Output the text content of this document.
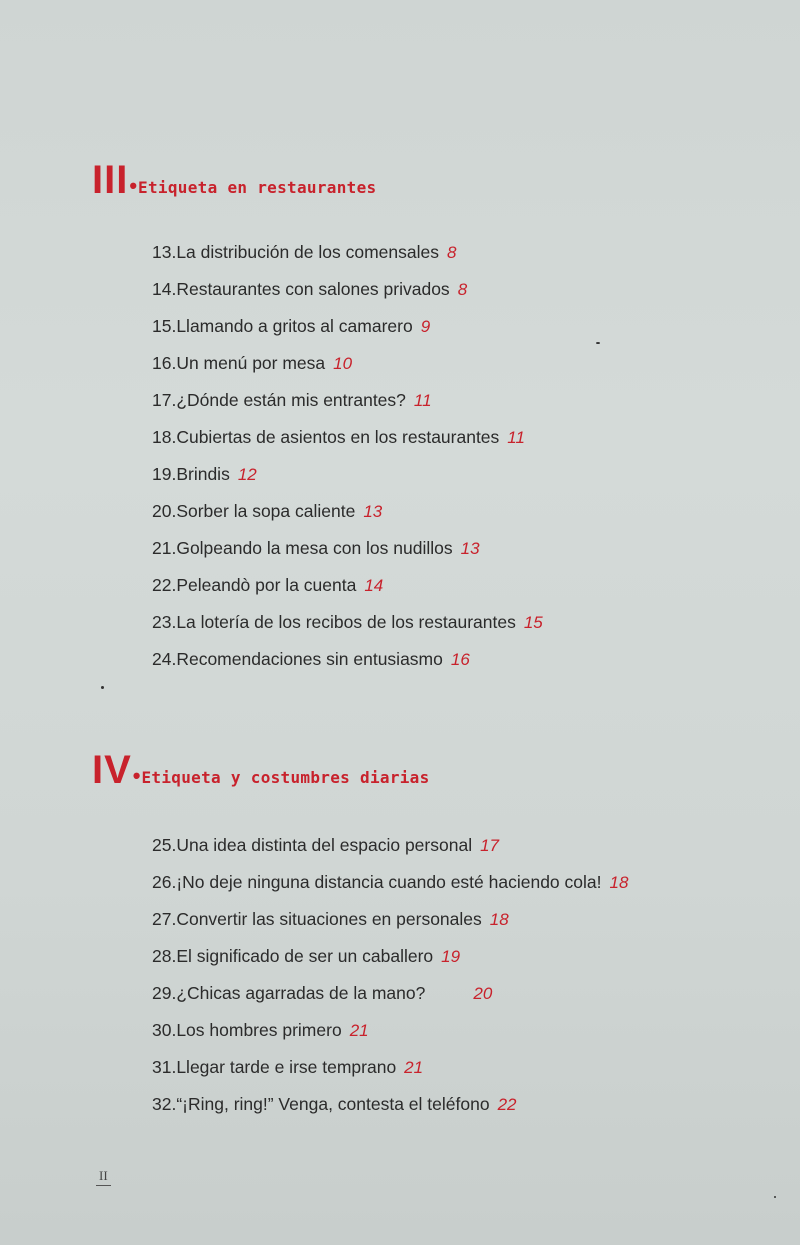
III • Etiqueta en restaurantes
13.La distribución de los comensales 8
14.Restaurantes con salones privados 8
15.Llamando a gritos al camarero 9
16.Un menú por mesa 10
17.¿Dónde están mis entrantes? 11
18.Cubiertas de asientos en los restaurantes 11
19.Brindis 12
20.Sorber la sopa caliente 13
21.Golpeando la mesa con los nudillos 13
22.Peleandò por la cuenta 14
23.La lotería de los recibos de los restaurantes 15
24.Recomendaciones sin entusiasmo 16
IV • Etiqueta y costumbres diarias
25.Una idea distinta del espacio personal 17
26.¡No deje ninguna distancia cuando esté haciendo cola! 18
27.Convertir las situaciones en personales 18
28.El significado de ser un caballero 19
29.¿Chicas agarradas de la mano?	20
30.Los hombres primero 21
31.Llegar tarde e irse temprano 21
32.“¡Ring, ring!” Venga, contesta el teléfono 22
II
